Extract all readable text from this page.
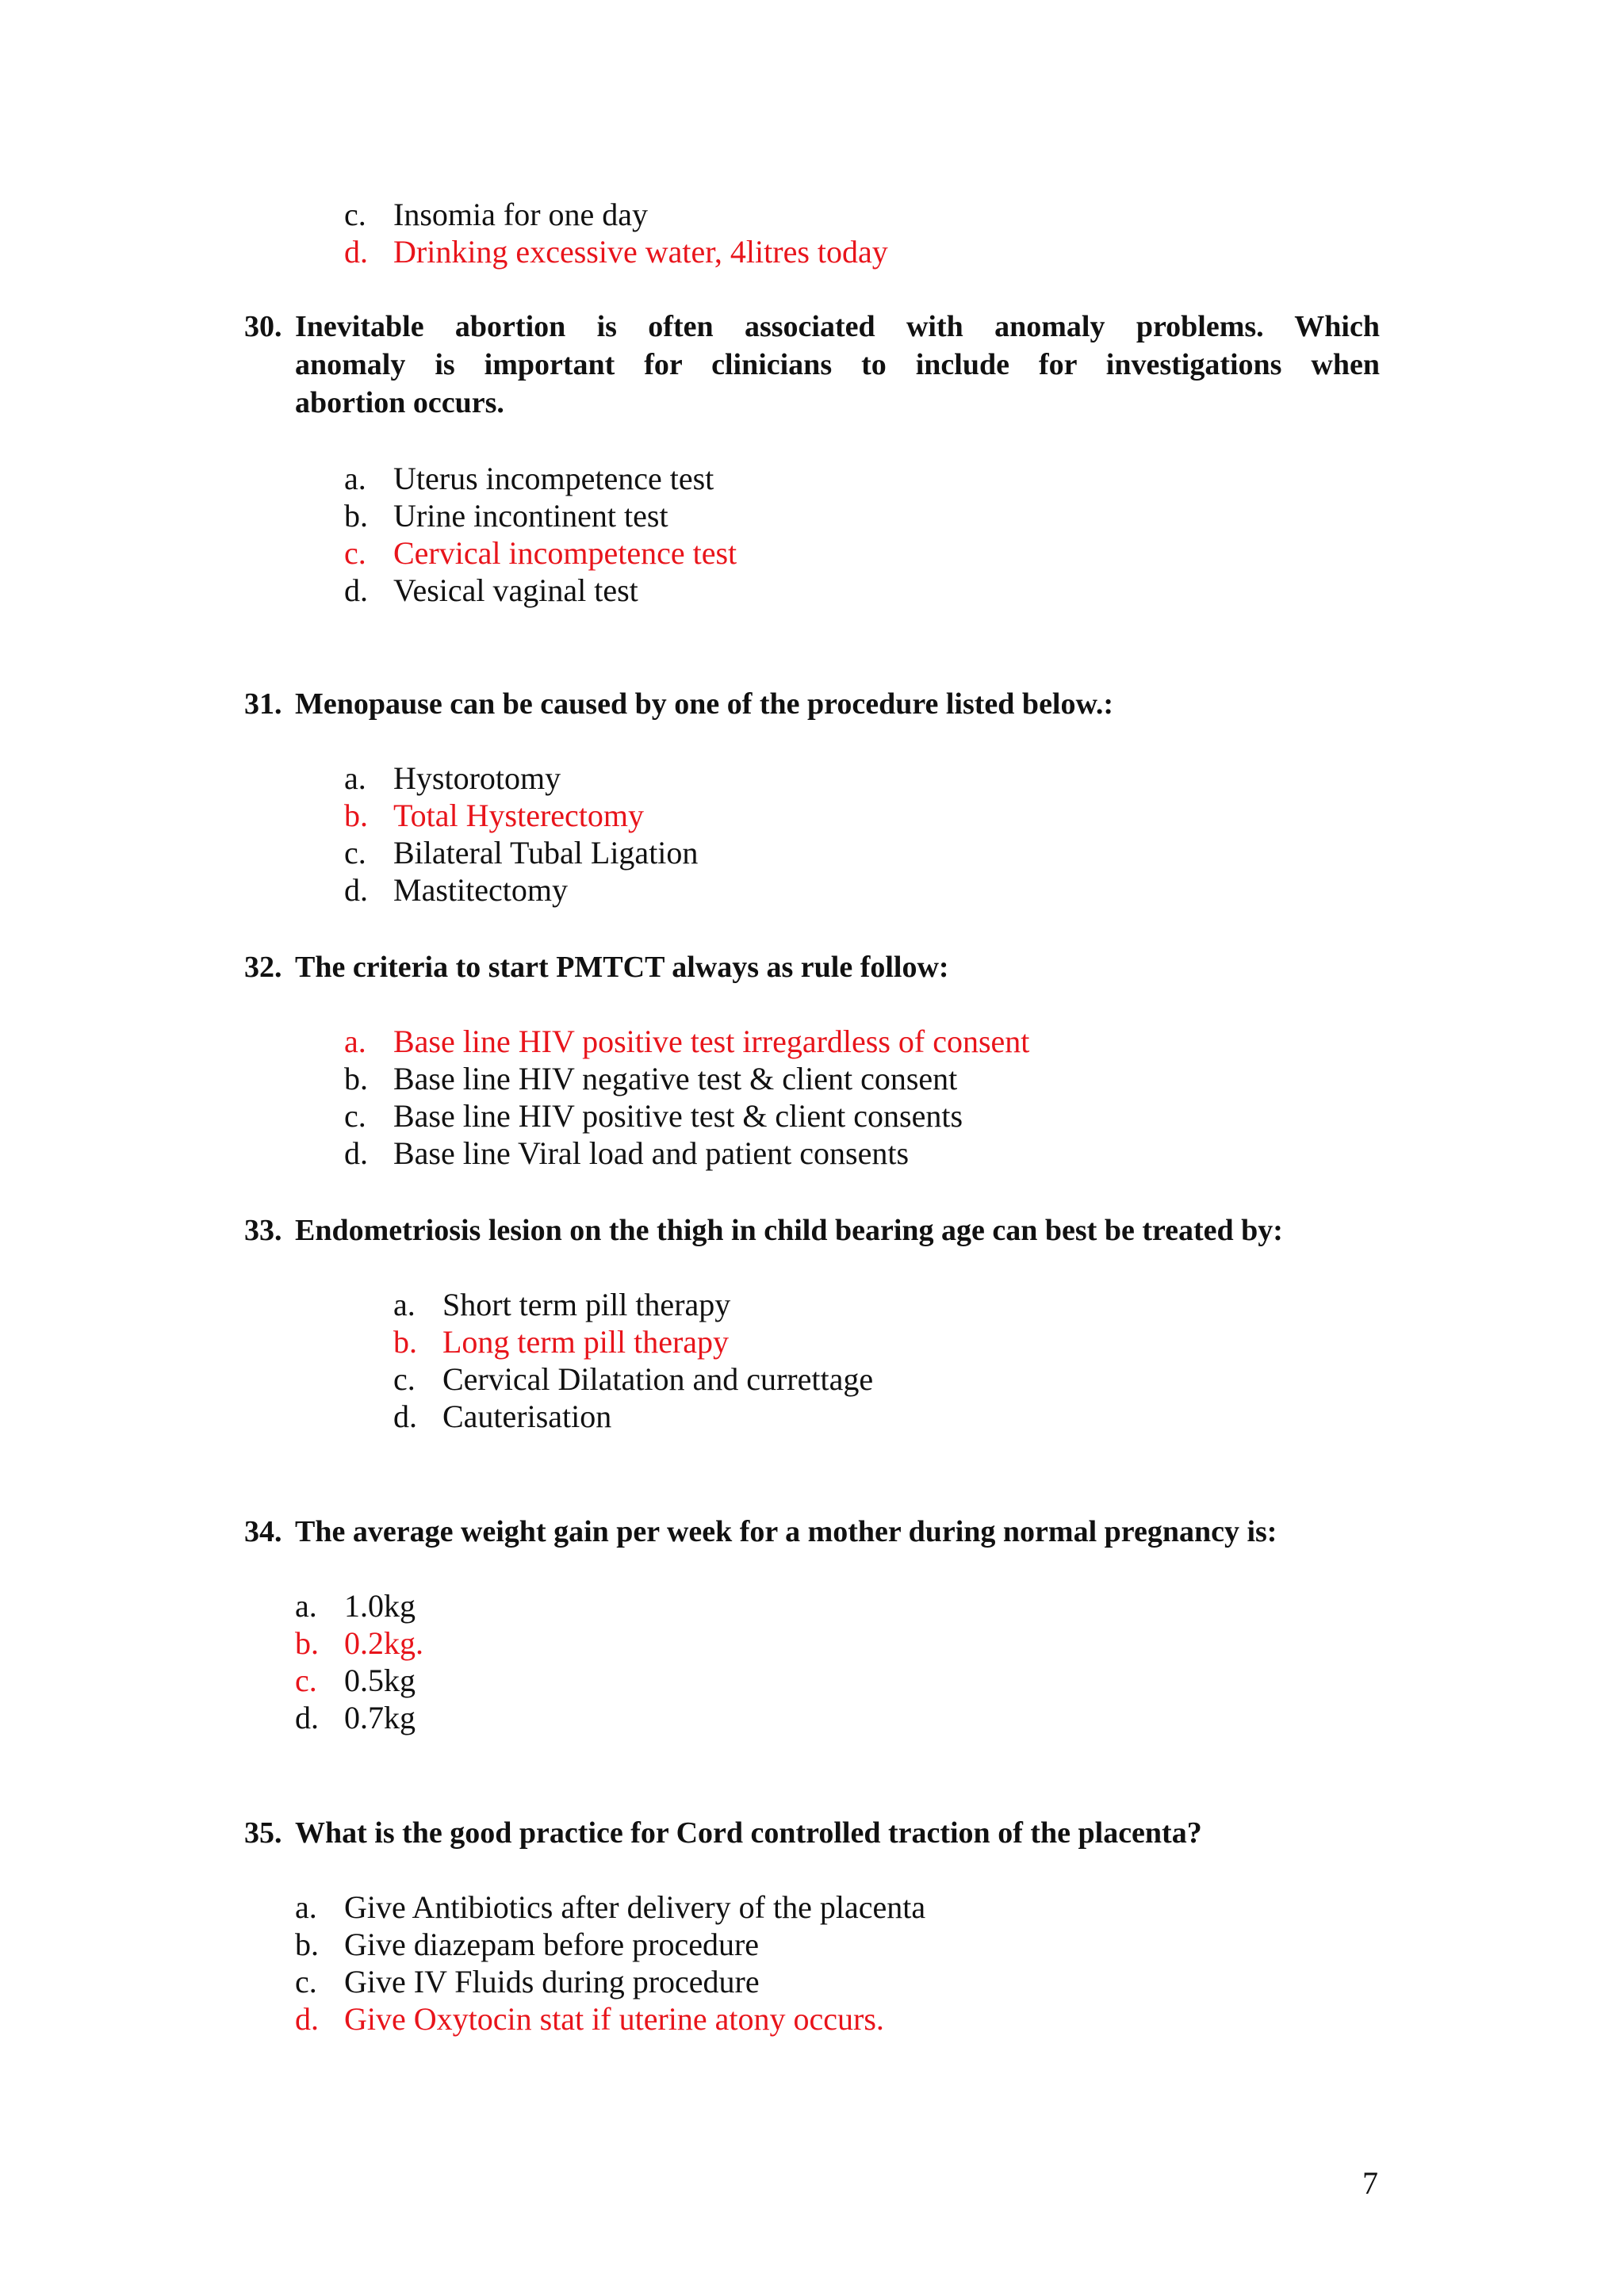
c. Insomia for one day
d. Drinking excessive water, 4litres today
30. Inevitable abortion is often associated with anomaly problems. Which
anomaly is important for clinicians to include for investigations when
abortion occurs.
a. Uterus incompetence test
b. Urine incontinent test
c. Cervical incompetence test
d. Vesical vaginal test
31. Menopause can be caused by one of the procedure listed below.:
a. Hystorotomy
b. Total Hysterectomy
c. Bilateral Tubal Ligation
d. Mastitectomy
32. The criteria to start PMTCT always as rule follow:
a. Base line HIV positive test irregardless of consent
b. Base line HIV negative test & client consent
c. Base line HIV positive test & client consents
d. Base line Viral load and patient consents
33. Endometriosis lesion on the thigh in child bearing age can best be treated by:
a. Short term pill therapy
b. Long term pill therapy
c. Cervical Dilatation and currettage
d. Cauterisation
34. The average weight gain per week for a mother during normal pregnancy is:
a. 1.0kg
b. 0.2kg.
c. 0.5kg
d. 0.7kg
35. What is the good practice for Cord controlled traction of the placenta?
a. Give Antibiotics after delivery of the placenta
b. Give diazepam before procedure
c. Give IV Fluids during procedure
d. Give Oxytocin stat if uterine atony occurs.
7
